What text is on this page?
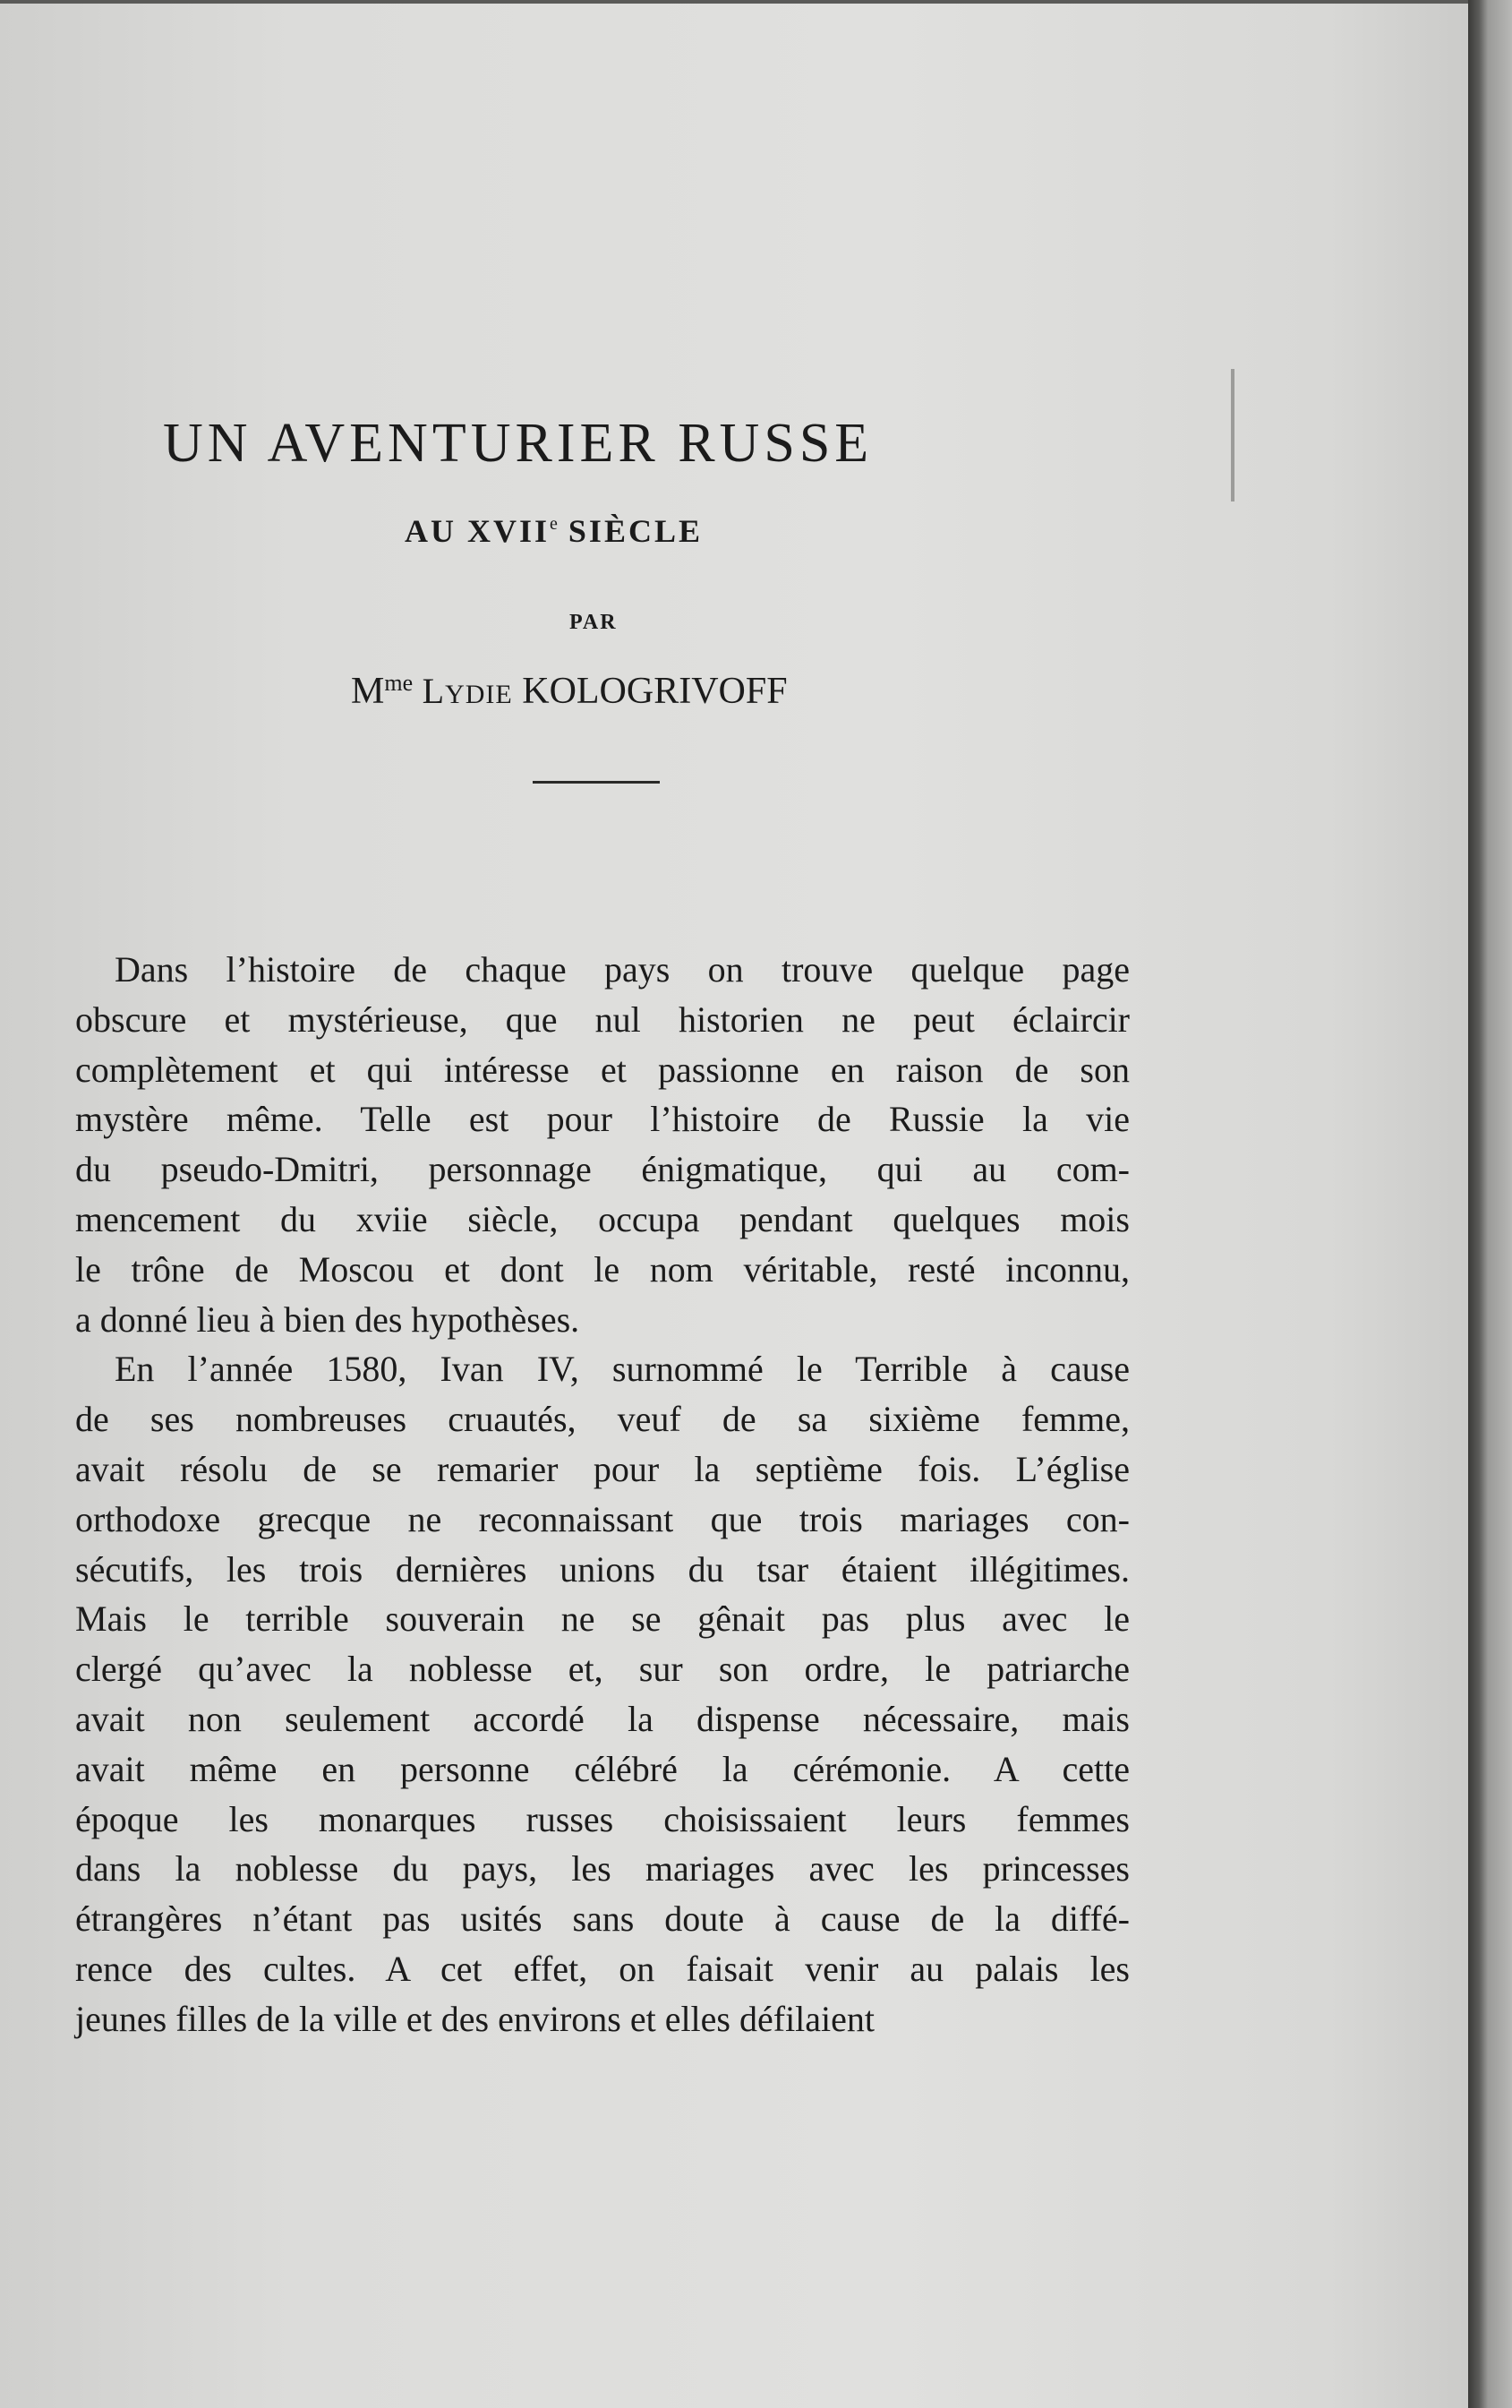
UN AVENTURIER RUSSE
AU XVIIe SIÈCLE
PAR
$M^{me}$ LYDIE KOLOGRIVOFF
Dans l’histoire de chaque pays on trouve quelque page
obscure et mystérieuse, que nul historien ne peut éclaircir
complètement et qui intéresse et passionne en raison de son
mystère même. Telle est pour l’histoire de Russie la vie
du pseudo-Dmitri, personnage énigmatique, qui au com-
mencement du xviie siècle, occupa pendant quelques mois
le trône de Moscou et dont le nom véritable, resté inconnu,
a donné lieu à bien des hypothèses.
En l’année 1580, Ivan IV, surnommé le Terrible à cause
de ses nombreuses cruautés, veuf de sa sixième femme,
avait résolu de se remarier pour la septième fois. L’église
orthodoxe grecque ne reconnaissant que trois mariages con-
sécutifs, les trois dernières unions du tsar étaient illégitimes.
Mais le terrible souverain ne se gênait pas plus avec le
clergé qu’avec la noblesse et, sur son ordre, le patriarche
avait non seulement accordé la dispense nécessaire, mais
avait même en personne célébré la cérémonie. A cette
époque les monarques russes choisissaient leurs femmes
dans la noblesse du pays, les mariages avec les princesses
étrangères n’étant pas usités sans doute à cause de la diffé-
rence des cultes. A cet effet, on faisait venir au palais les
jeunes filles de la ville et des environs et elles défilaient
